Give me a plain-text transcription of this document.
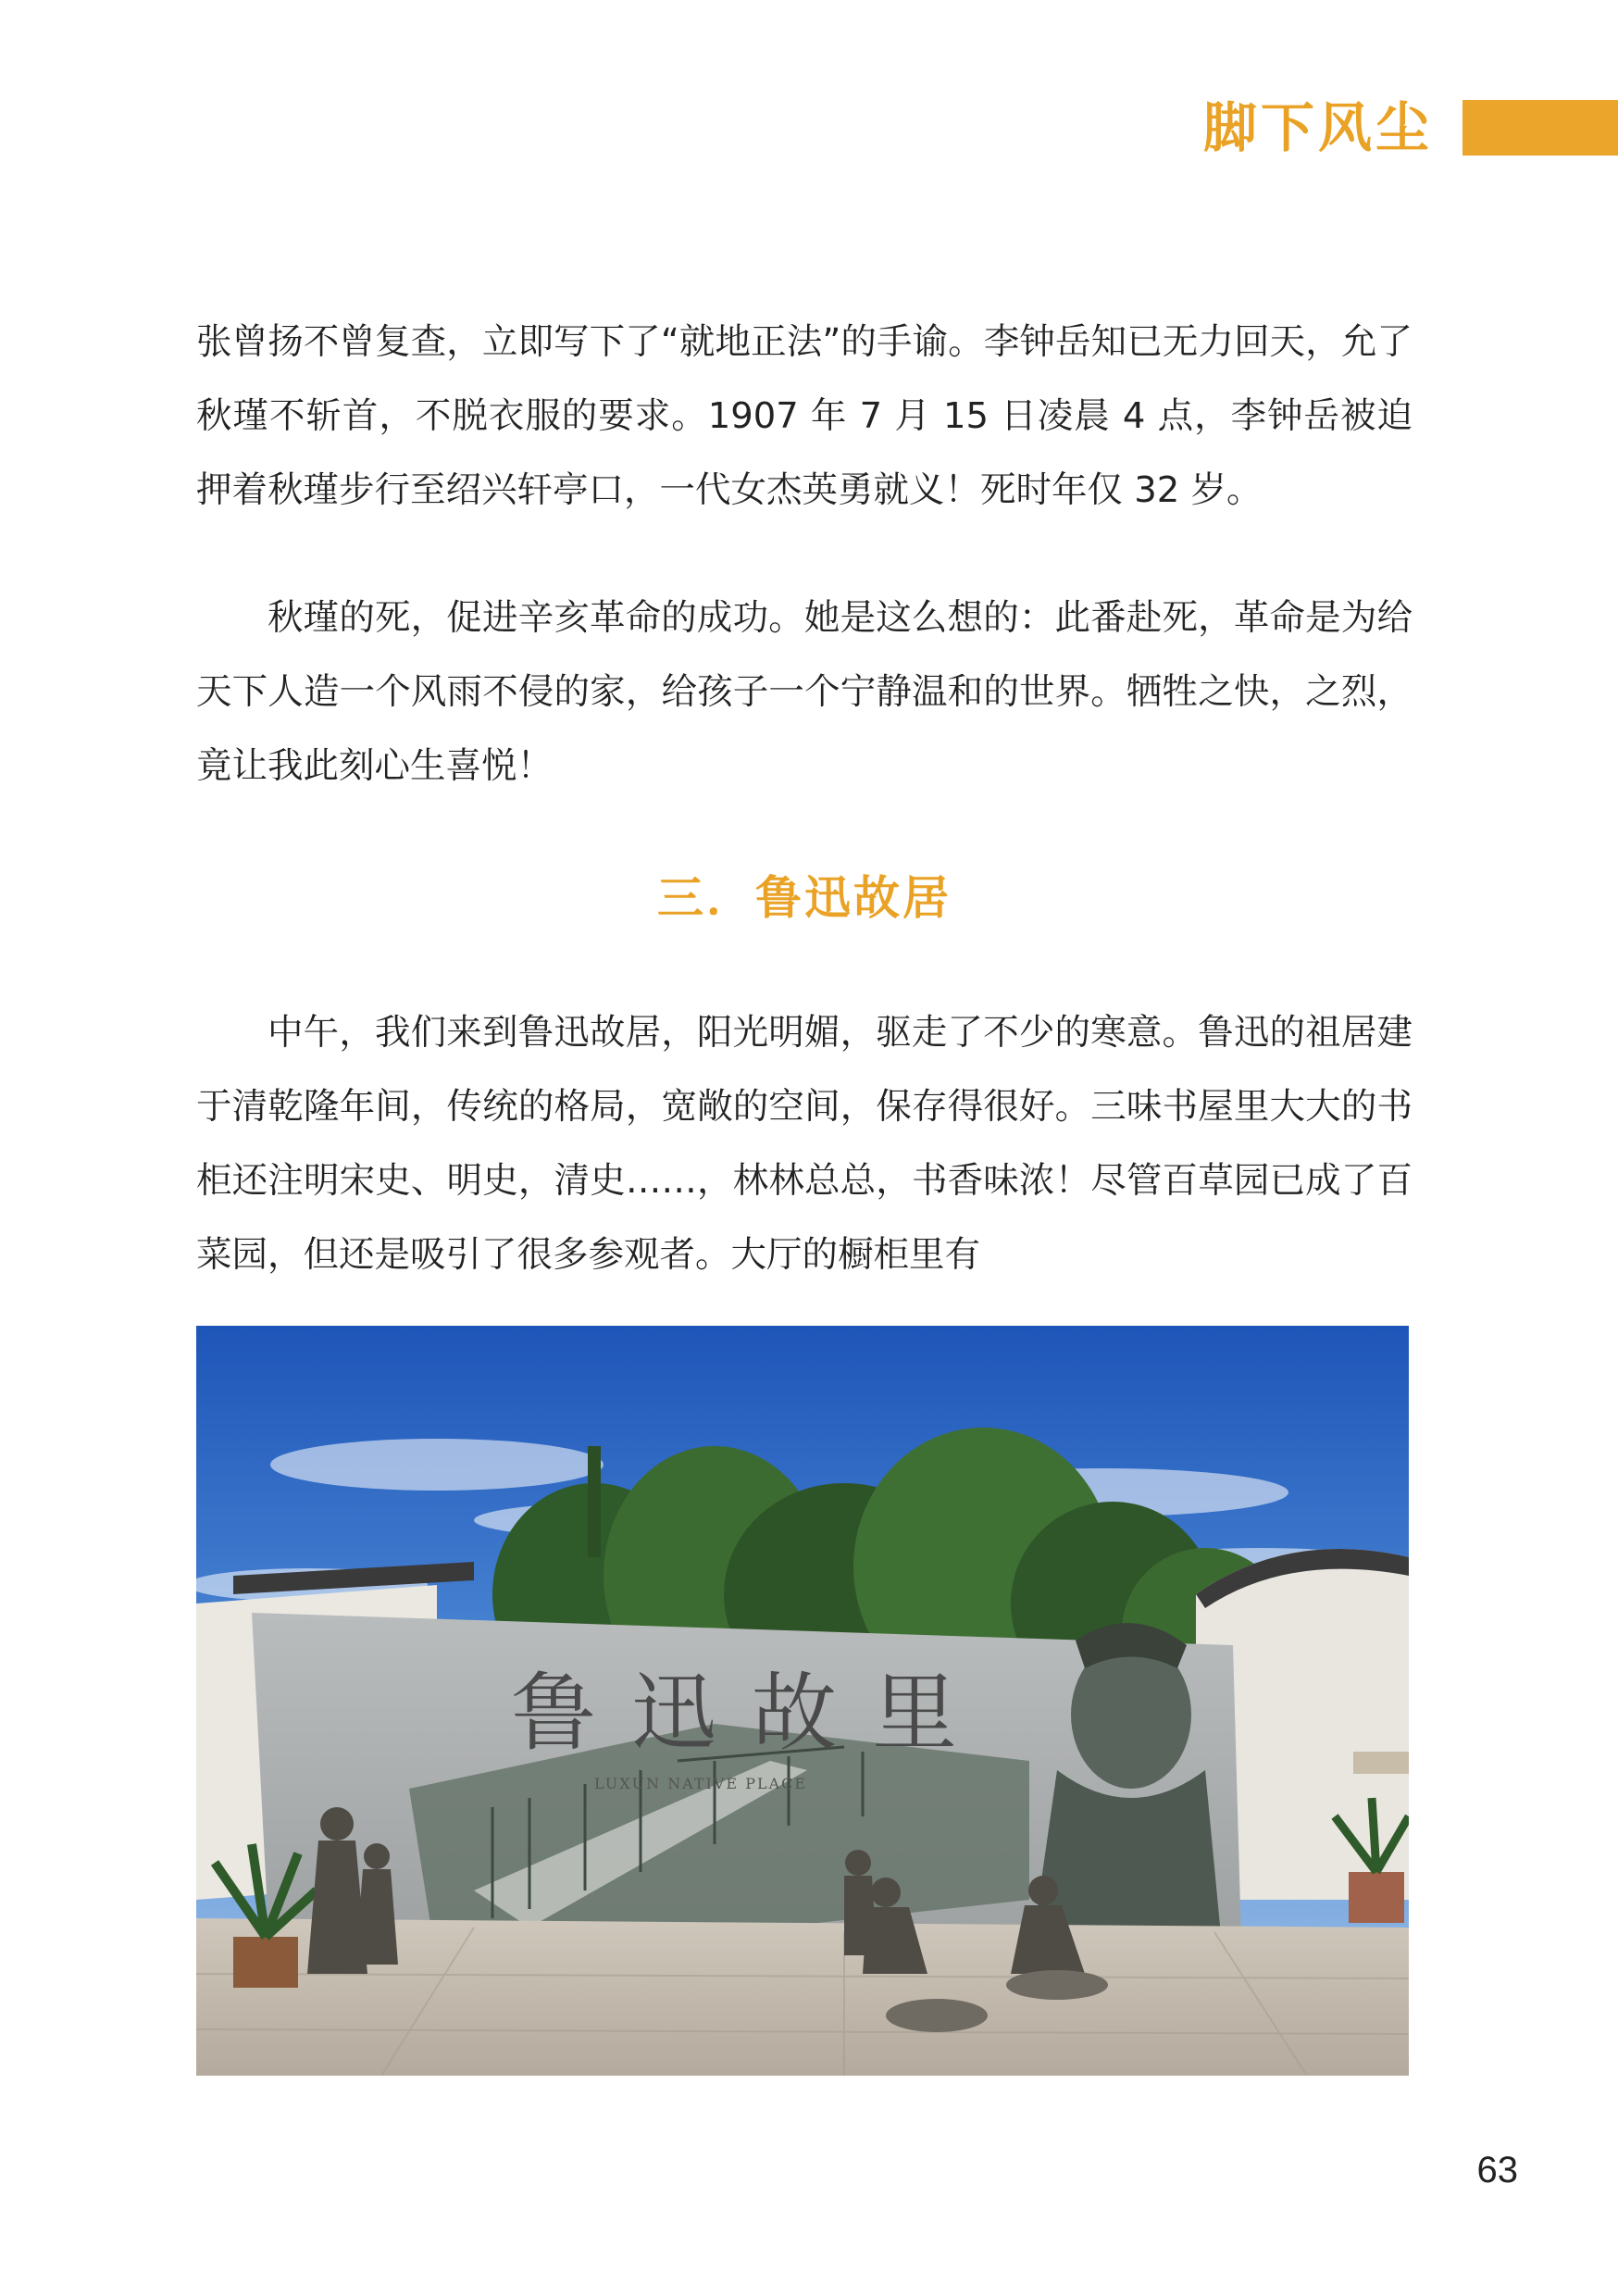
脚下风尘

张曾扬不曾复查，立即写下了“就地正法”的手谕。李钟岳知已无力回天，允了秋瑾不斩首，不脱衣服的要求。1907 年 7 月 15 日凌晨 4 点，李钟岳被迫押着秋瑾步行至绍兴轩亭口，一代女杰英勇就义！死时年仅 32 岁。

秋瑾的死，促进辛亥革命的成功。她是这么想的：此番赴死，革命是为给天下人造一个风雨不侵的家，给孩子一个宁静温和的世界。牺牲之快，之烈，竟让我此刻心生喜悦！

三．鲁迅故居

中午，我们来到鲁迅故居，阳光明媚，驱走了不少的寒意。鲁迅的祖居建于清乾隆年间，传统的格局，宽敞的空间，保存得很好。三味书屋里大大的书柜还注明宋史、明史，清史……，林林总总，书香味浓！尽管百草园已成了百菜园，但还是吸引了很多参观者。大厅的橱柜里有

鲁迅故里
LUXUN NATIVE PLACE
63
